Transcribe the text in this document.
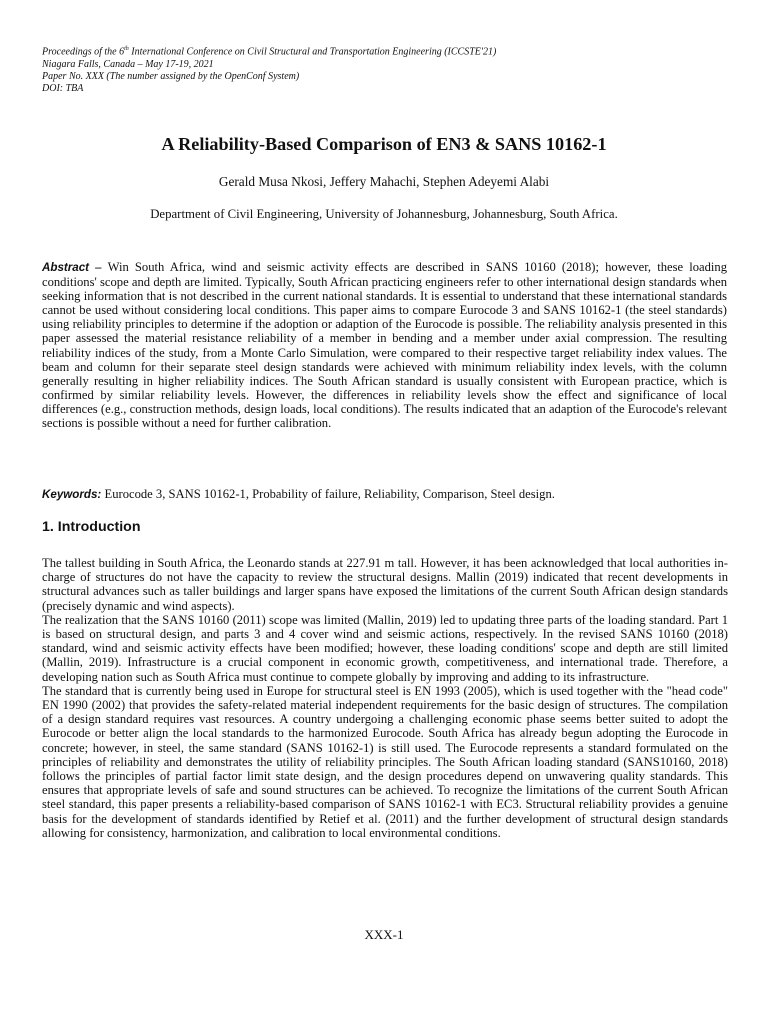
Proceedings of the 6th International Conference on Civil Structural and Transportation Engineering (ICCSTE'21)
Niagara Falls, Canada – May 17-19, 2021
Paper No. XXX (The number assigned by the OpenConf System)
DOI: TBA
A Reliability-Based Comparison of EN3 & SANS 10162-1
Gerald Musa Nkosi, Jeffery Mahachi, Stephen Adeyemi Alabi
Department of Civil Engineering, University of Johannesburg, Johannesburg, South Africa.

Abstract – Win South Africa, wind and seismic activity effects are described in SANS 10160 (2018); however, these loading conditions' scope and depth are limited. Typically, South African practicing engineers refer to other international design standards when seeking information that is not described in the current national standards. It is essential to understand that these international standards cannot be used without considering local conditions. This paper aims to compare Eurocode 3 and SANS 10162-1 (the steel standards) using reliability principles to determine if the adoption or adaption of the Eurocode is possible. The reliability analysis presented in this paper assessed the material resistance reliability of a member in bending and a member under axial compression. The resulting reliability indices of the study, from a Monte Carlo Simulation, were compared to their respective target reliability index values. The beam and column for their separate steel design standards were achieved with minimum reliability index levels, with the column generally resulting in higher reliability indices. The South African standard is usually consistent with European practice, which is confirmed by similar reliability levels. However, the differences in reliability levels show the effect and significance of local differences (e.g., construction methods, design loads, local conditions). The results indicated that an adaption of the Eurocode's relevant sections is possible without a need for further calibration.

Keywords: Eurocode 3, SANS 10162-1, Probability of failure, Reliability, Comparison, Steel design.

1. Introduction

The tallest building in South Africa, the Leonardo stands at 227.91 m tall. However, it has been acknowledged that local authorities in-charge of structures do not have the capacity to review the structural designs. Mallin (2019) indicated that recent developments in structural advances such as taller buildings and larger spans have exposed the limitations of the current South African design standards (precisely dynamic and wind aspects).

The realization that the SANS 10160 (2011) scope was limited (Mallin, 2019) led to updating three parts of the loading standard. Part 1 is based on structural design, and parts 3 and 4 cover wind and seismic actions, respectively. In the revised SANS 10160 (2018) standard, wind and seismic activity effects have been modified; however, these loading conditions' scope and depth are still limited (Mallin, 2019). Infrastructure is a crucial component in economic growth, competitiveness, and international trade. Therefore, a developing nation such as South Africa must continue to compete globally by improving and adding to its infrastructure.

The standard that is currently being used in Europe for structural steel is EN 1993 (2005), which is used together with the "head code" EN 1990 (2002) that provides the safety-related material independent requirements for the basic design of structures. The compilation of a design standard requires vast resources. A country undergoing a challenging economic phase seems better suited to adopt the Eurocode or better align the local standards to the harmonized Eurocode. South Africa has already begun adopting the Eurocode in concrete; however, in steel, the same standard (SANS 10162-1) is still used. The Eurocode represents a standard formulated on the principles of reliability and demonstrates the utility of reliability principles. The South African loading standard (SANS10160, 2018) follows the principles of partial factor limit state design, and the design procedures depend on unwavering quality standards. This ensures that appropriate levels of safe and sound structures can be achieved. To recognize the limitations of the current South African steel standard, this paper presents a reliability-based comparison of SANS 10162-1 with EC3. Structural reliability provides a genuine basis for the development of standards identified by Retief et al. (2011) and the further development of structural design standards allowing for consistency, harmonization, and calibration to local environmental conditions.

XXX-1
